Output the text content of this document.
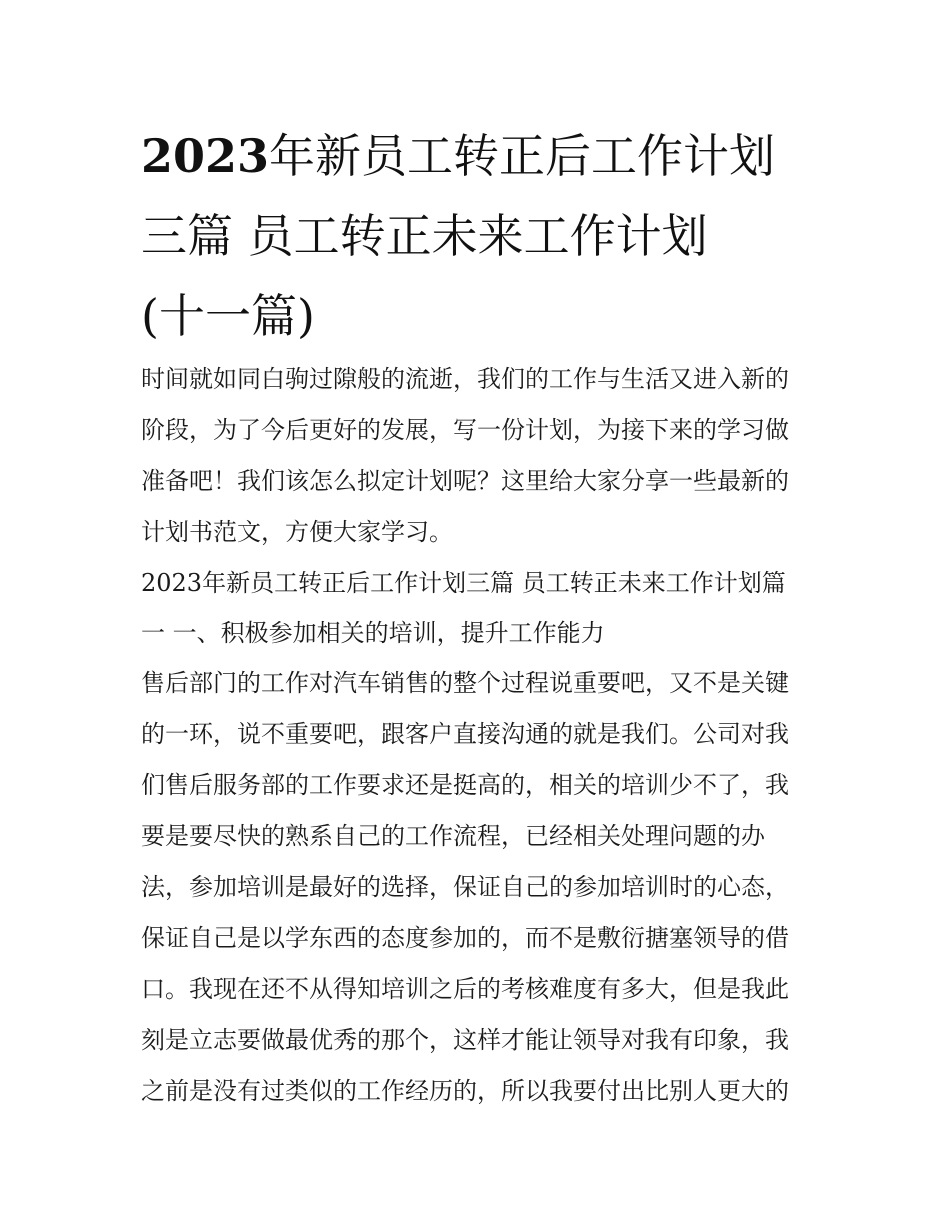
2023年新员工转正后工作计划
三篇 员工转正未来工作计划
(十一篇)
时间就如同白驹过隙般的流逝，我们的工作与生活又进入新的
阶段，为了今后更好的发展，写一份计划，为接下来的学习做
准备吧！我们该怎么拟定计划呢？这里给大家分享一些最新的
计划书范文，方便大家学习。
2023年新员工转正后工作计划三篇 员工转正未来工作计划篇
一 一、积极参加相关的培训，提升工作能力
售后部门的工作对汽车销售的整个过程说重要吧，又不是关键
的一环，说不重要吧，跟客户直接沟通的就是我们。公司对我
们售后服务部的工作要求还是挺高的，相关的培训少不了，我
要是要尽快的熟系自己的工作流程，已经相关处理问题的办
法，参加培训是最好的选择，保证自己的参加培训时的心态，
保证自己是以学东西的态度参加的，而不是敷衍搪塞领导的借
口。我现在还不从得知培训之后的考核难度有多大，但是我此
刻是立志要做最优秀的那个，这样才能让领导对我有印象，我
之前是没有过类似的工作经历的，所以我要付出比别人更大的
